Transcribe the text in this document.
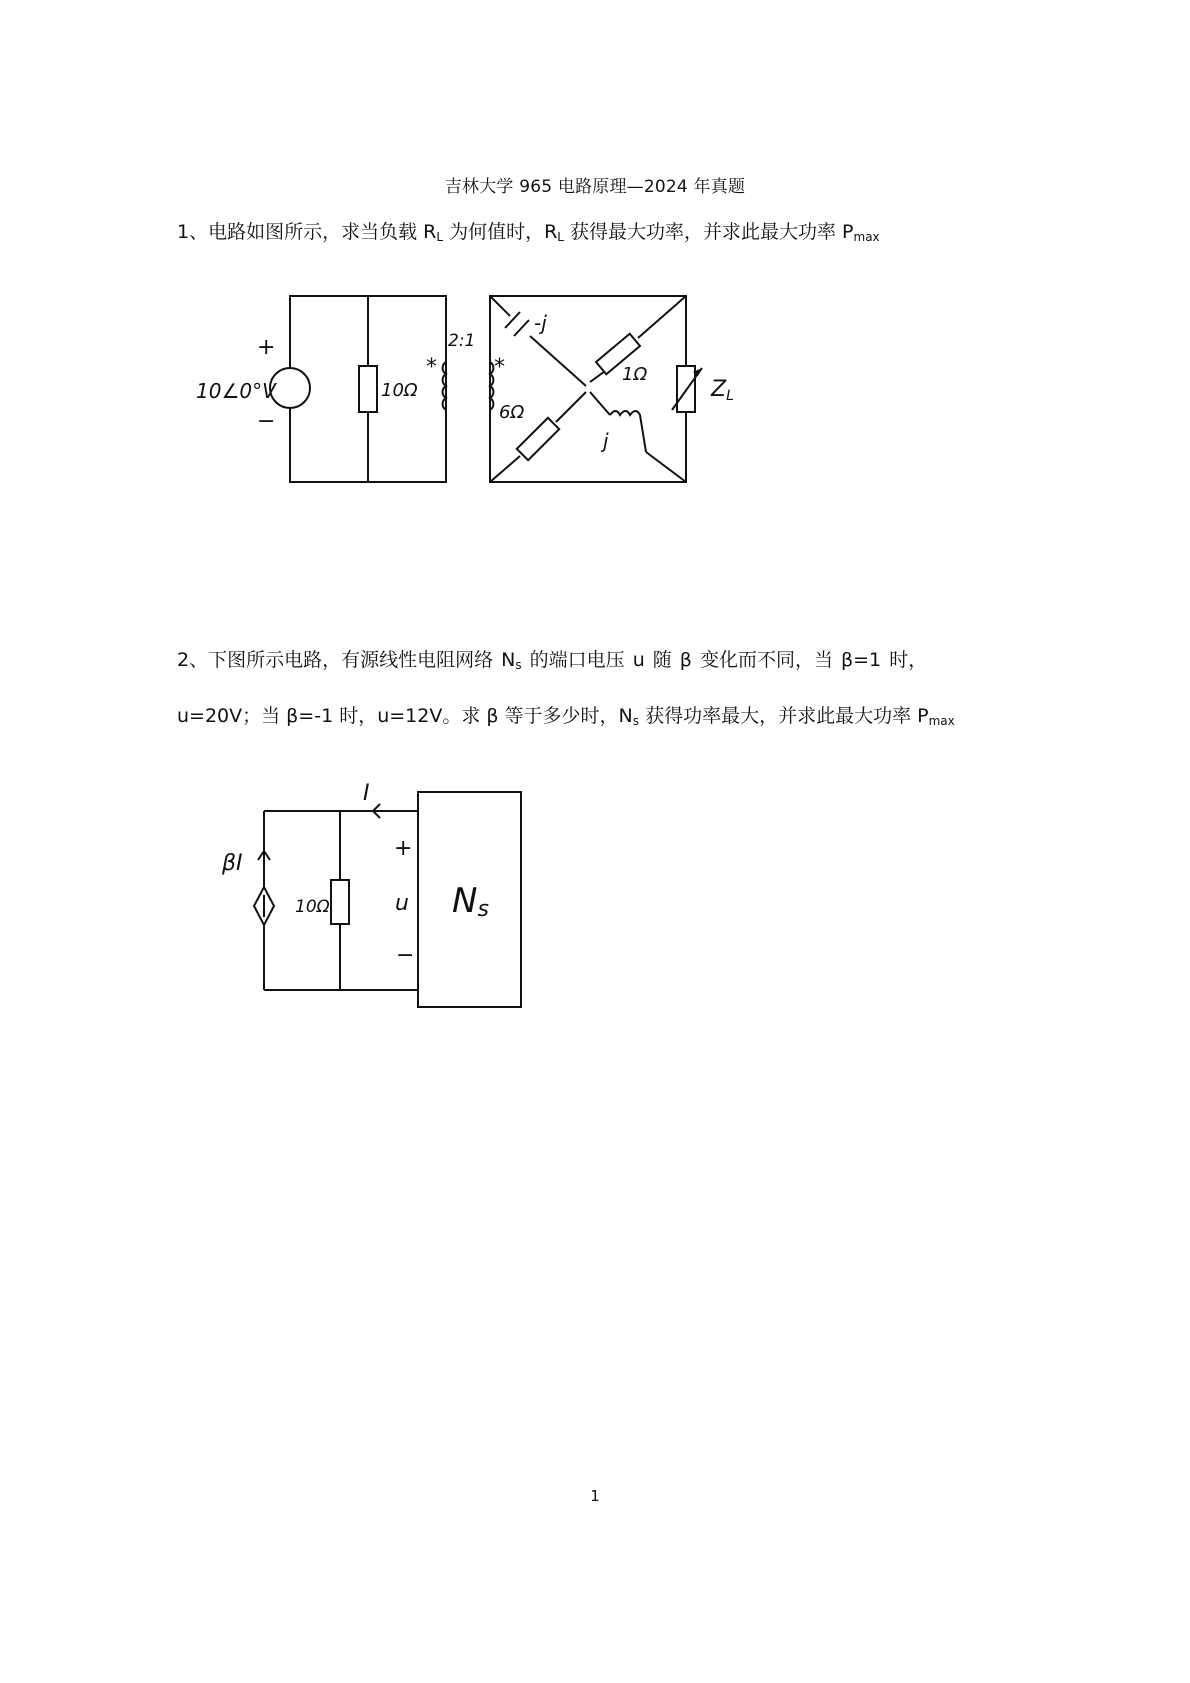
吉林大学 965 电路原理—2024 年真题
1、电路如图所示，求当负载 $R_L$ 为何值时，$R_L$ 获得最大功率，并求此最大功率 $P_{max}$
+
−
10∠0°V	10Ω
2:1
*	*
-j
1Ω
6Ω
j
ZL
2、下图所示电路，有源线性电阻网络 $N_s$ 的端口电压 u 随 β 变化而不同，当 β=1 时，
u=20V；当 β=-1 时，u=12V。求 β 等于多少时，$N_s$ 获得功率最大，并求此最大功率 $P_{max}$
I
βI
10Ω
+
u
−
Ns
1
